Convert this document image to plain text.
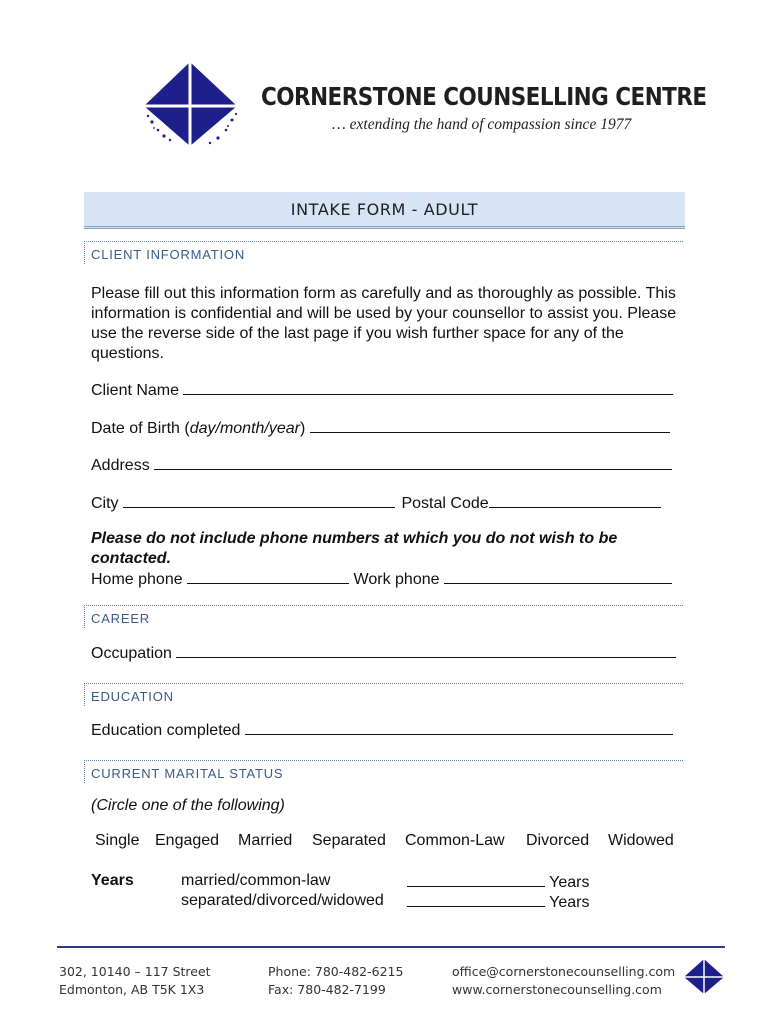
CORNERSTONE COUNSELLING CENTRE
… extending the hand of compassion since 1977
INTAKE FORM - ADULT
CLIENT INFORMATION
Please fill out this information form as carefully and as thoroughly as possible. This information is confidential and will be used by your counsellor to assist you. Please use the reverse side of the last page if you wish further space for any of the questions.
Client Name
Date of Birth (day/month/year)
Address
City	Postal Code
Please do not include phone numbers at which you do not wish to be contacted.
Home phone	Work phone
CAREER
Occupation
EDUCATION
Education completed
CURRENT MARITAL STATUS
(Circle one of the following)
Single Engaged Married Separated Common-Law Divorced Widowed
Years	married/common-law	Years
separated/divorced/widowed	Years
302, 10140 – 117 Street
Edmonton, AB T5K 1X3
Phone: 780-482-6215
Fax: 780-482-7199
office@cornerstonecounselling.com
www.cornerstonecounselling.com
